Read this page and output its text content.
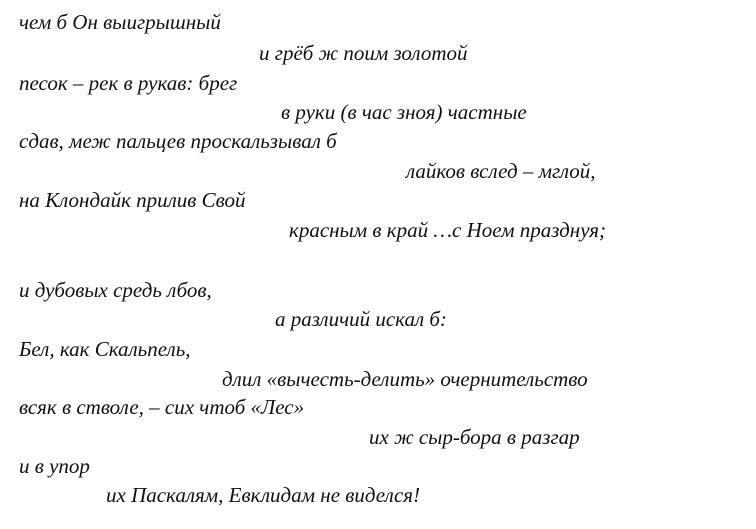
чем б Он выигрышный
и грёб ж поим золотой
песок – рек в рукав: брег
в руки (в час зноя) частные
сдав, меж пальцев проскальзывал б
лайков вслед – мглой,
на Клондайк прилив Свой
красным в край …с Ноем празднуя;
и дубовых средь лбов,
а различий искал б:
Бел, как Скальпель,
длил «вычесть-делить» очернительство
всяк в стволе, – сих чтоб «Лес»
их ж сыр-бора в разгар
и в упор
их Паскалям, Евклидам не виделся!
